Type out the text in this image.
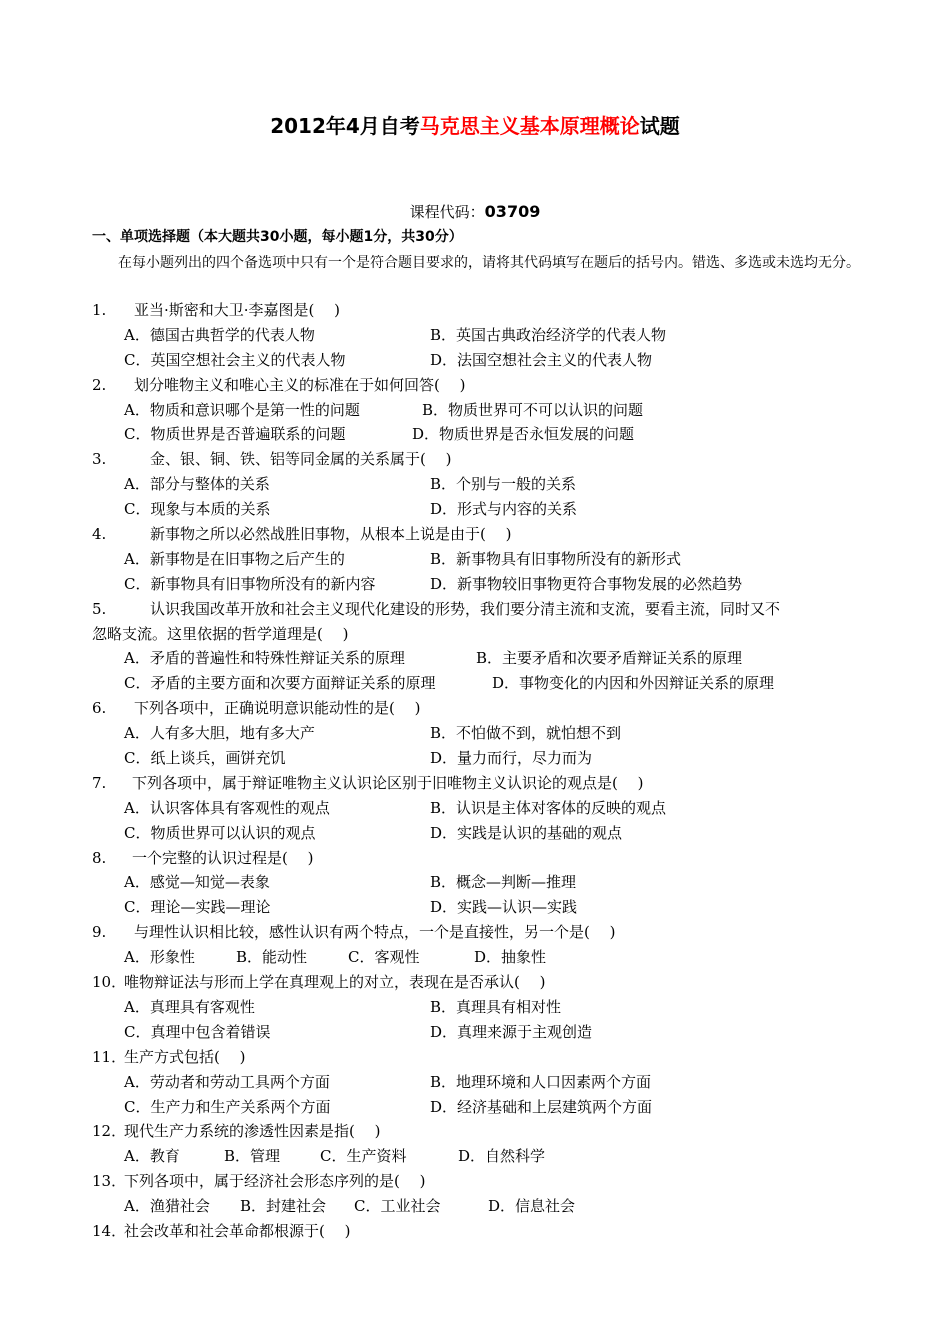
2012年4月自考马克思主义基本原理概论试题
课程代码：03709
一、单项选择题（本大题共30小题，每小题1分，共30分）
在每小题列出的四个备选项中只有一个是符合题目要求的，请将其代码填写在题后的括号内。错选、多选或未选均无分。
1. 亚当·斯密和大卫·李嘉图是(　 )
A．德国古典哲学的代表人物	B．英国古典政治经济学的代表人物
C．英国空想社会主义的代表人物	D．法国空想社会主义的代表人物
2. 划分唯物主义和唯心主义的标准在于如何回答(　 )
A．物质和意识哪个是第一性的问题	B．物质世界可不可以认识的问题
C．物质世界是否普遍联系的问题	D．物质世界是否永恒发展的问题
3.	金、银、铜、铁、铝等同金属的关系属于(　 )
A．部分与整体的关系	B．个别与一般的关系
C．现象与本质的关系	D．形式与内容的关系
4.	新事物之所以必然战胜旧事物，从根本上说是由于(　 )
A．新事物是在旧事物之后产生的	B．新事物具有旧事物所没有的新形式
C．新事物具有旧事物所没有的新内容	D．新事物较旧事物更符合事物发展的必然趋势
5.	认识我国改革开放和社会主义现代化建设的形势，我们要分清主流和支流，要看主流，同时又不
忽略支流。这里依据的哲学道理是(　 )
A．矛盾的普遍性和特殊性辩证关系的原理	B．主要矛盾和次要矛盾辩证关系的原理
C．矛盾的主要方面和次要方面辩证关系的原理	D．事物变化的内因和外因辩证关系的原理
6. 下列各项中，正确说明意识能动性的是(　 )
A．人有多大胆，地有多大产	B．不怕做不到，就怕想不到
C．纸上谈兵，画饼充饥	D．量力而行，尽力而为
7. 下列各项中，属于辩证唯物主义认识论区别于旧唯物主义认识论的观点是(　 )
A．认识客体具有客观性的观点	B．认识是主体对客体的反映的观点
C．物质世界可以认识的观点	D．实践是认识的基础的观点
8. 一个完整的认识过程是(　 )
A．感觉—知觉—表象	B．概念—判断—推理
C．理论—实践—理论	D．实践—认识—实践
9. 与理性认识相比较，感性认识有两个特点，一个是直接性，另一个是(　 )
A．形象性	B．能动性	C．客观性	D．抽象性
10．唯物辩证法与形而上学在真理观上的对立，表现在是否承认(　 )
A．真理具有客观性	B．真理具有相对性
C．真理中包含着错误	D．真理来源于主观创造
11．生产方式包括(　 )
A．劳动者和劳动工具两个方面	B．地理环境和人口因素两个方面
C．生产力和生产关系两个方面	D．经济基础和上层建筑两个方面
12．现代生产力系统的渗透性因素是指(　 )
A．教育	B．管理	C．生产资料	D．自然科学
13．下列各项中，属于经济社会形态序列的是(　 )
A．渔猎社会 B．封建社会 C．工业社会	D．信息社会
14．社会改革和社会革命都根源于(　 )
